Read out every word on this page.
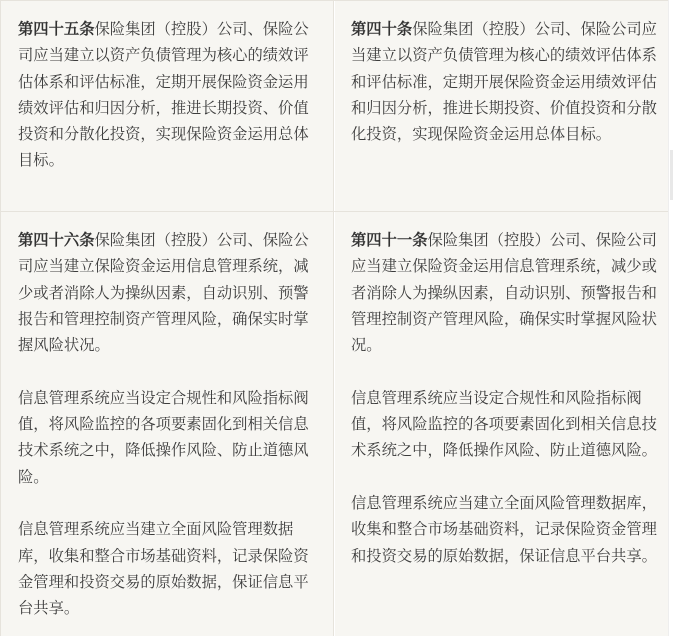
第四十五条保险集团（控股）公司、保险公司应当建立以资产负债管理为核心的绩效评估体系和评估标准，定期开展保险资金运用绩效评估和归因分析，推进长期投资、价值投资和分散化投资，实现保险资金运用总体目标。

第四十条保险集团（控股）公司、保险公司应当建立以资产负债管理为核心的绩效评估体系和评估标准，定期开展保险资金运用绩效评估和归因分析，推进长期投资、价值投资和分散化投资，实现保险资金运用总体目标。

第四十六条保险集团（控股）公司、保险公司应当建立保险资金运用信息管理系统，减少或者消除人为操纵因素，自动识别、预警报告和管理控制资产管理风险，确保实时掌握风险状况。

信息管理系统应当设定合规性和风险指标阀值，将风险监控的各项要素固化到相关信息技术系统之中，降低操作风险、防止道德风险。

信息管理系统应当建立全面风险管理数据库，收集和整合市场基础资料，记录保险资金管理和投资交易的原始数据，保证信息平台共享。

第四十一条保险集团（控股）公司、保险公司应当建立保险资金运用信息管理系统，减少或者消除人为操纵因素，自动识别、预警报告和管理控制资产管理风险，确保实时掌握风险状况。

信息管理系统应当设定合规性和风险指标阀值，将风险监控的各项要素固化到相关信息技术系统之中，降低操作风险、防止道德风险。

信息管理系统应当建立全面风险管理数据库，收集和整合市场基础资料，记录保险资金管理和投资交易的原始数据，保证信息平台共享。
